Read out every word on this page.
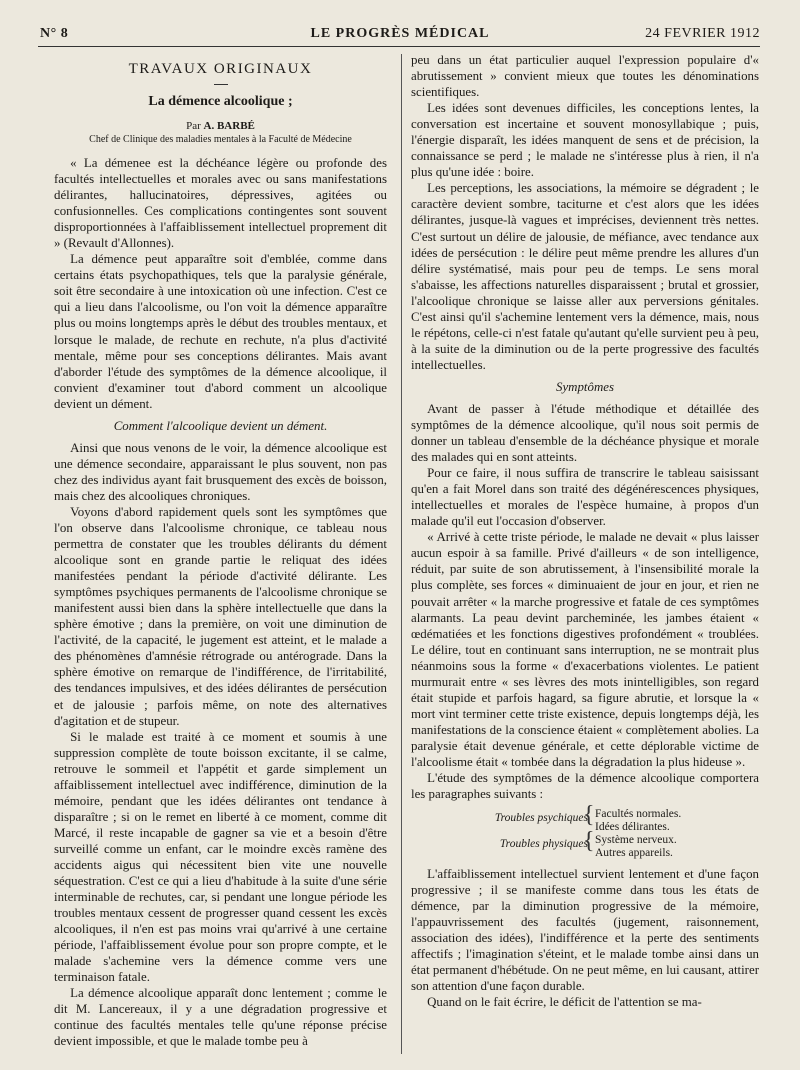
N° 8	LE PROGRÈS MÉDICAL	24 FEVRIER 1912
TRAVAUX ORIGINAUX
La démence alcoolique ;
Par A. BARBÉ
Chef de Clinique des maladies mentales à la Faculté de Médecine

« La démenee est la déchéance légère ou profonde des facultés intellectuelles et morales avec ou sans manifestations délirantes, hallucinatoires, dépressives, agitées ou confusionnelles. Ces complications contingentes sont souvent disproportionnées à l'affaiblissement intellectuel proprement dit » (Revault d'Allonnes).

La démence peut apparaître soit d'emblée, comme dans certains états psychopathiques, tels que la paralysie générale, soit être secondaire à une intoxication où une infection. C'est ce qui a lieu dans l'alcoolisme, ou l'on voit la démence apparaître plus ou moins longtemps après le début des troubles mentaux, et lorsque le malade, de rechute en rechute, n'a plus d'activité mentale, même pour ses conceptions délirantes. Mais avant d'aborder l'étude des symptômes de la démence alcoolique, il convient d'examiner tout d'abord comment un alcoolique devient un dément.

Comment l'alcoolique devient un dément.

Ainsi que nous venons de le voir, la démence alcoolique est une démence secondaire, apparaissant le plus souvent, non pas chez des individus ayant fait brusquement des excès de boisson, mais chez des alcooliques chroniques.

Voyons d'abord rapidement quels sont les symptômes que l'on observe dans l'alcoolisme chronique, ce tableau nous permettra de constater que les troubles délirants du dément alcoolique sont en grande partie le reliquat des idées manifestées pendant la période d'activité délirante. Les symptômes psychiques permanents de l'alcoolisme chronique se manifestent aussi bien dans la sphère intellectuelle que dans la sphère émotive ; dans la première, on voit une diminution de l'activité, de la capacité, le jugement est atteint, et le malade a des phénomènes d'amnésie rétrograde ou antérograde. Dans la sphère émotive on remarque de l'indifférence, de l'irritabilité, des tendances impulsives, et des idées délirantes de persécution et de jalousie ; parfois même, on note des alternatives d'agitation et de stupeur.

Si le malade est traité à ce moment et soumis à une suppression complète de toute boisson excitante, il se calme, retrouve le sommeil et l'appétit et garde simplement un affaiblissement intellectuel avec indifférence, diminution de la mémoire, pendant que les idées délirantes ont tendance à disparaître ; si on le remet en liberté à ce moment, comme dit Marcé, il reste incapable de gagner sa vie et a besoin d'être surveillé comme un enfant, car le moindre excès ramène des accidents aigus qui nécessitent bien vite une nouvelle séquestration. C'est ce qui a lieu d'habitude à la suite d'une série interminable de rechutes, car, si pendant une longue période les troubles mentaux cessent de progresser quand cessent les excès alcooliques, il n'en est pas moins vrai qu'arrivé à une certaine période, l'affaiblissement évolue pour son propre compte, et le malade s'achemine vers la démence comme vers une terminaison fatale.

La démence alcoolique apparaît donc lentement ; comme le dit M. Lancereaux, il y a une dégradation progressive et continue des facultés mentales telle qu'une réponse précise devient impossible, et que le malade tombe peu à

peu dans un état particulier auquel l'expression populaire d'« abrutissement » convient mieux que toutes les dénominations scientifiques.

Les idées sont devenues difficiles, les conceptions lentes, la conversation est incertaine et souvent monosyllabique ; puis, l'énergie disparaît, les idées manquent de sens et de précision, la connaissance se perd ; le malade ne s'intéresse plus à rien, il n'a plus qu'une idée : boire.

Les perceptions, les associations, la mémoire se dégradent ; le caractère devient sombre, taciturne et c'est alors que les idées délirantes, jusque-là vagues et imprécises, deviennent très nettes. C'est surtout un délire de jalousie, de méfiance, avec tendance aux idées de persécution : le délire peut même prendre les allures d'un délire systématisé, mais pour peu de temps. Le sens moral s'abaisse, les affections naturelles disparaissent ; brutal et grossier, l'alcoolique chronique se laisse aller aux perversions génitales. C'est ainsi qu'il s'achemine lentement vers la démence, mais, nous le répétons, celle-ci n'est fatale qu'autant qu'elle survient peu à peu, à la suite de la diminution ou de la perte progressive des facultés intellectuelles.

Symptômes

Avant de passer à l'étude méthodique et détaillée des symptômes de la démence alcoolique, qu'il nous soit permis de donner un tableau d'ensemble de la déchéance physique et morale des malades qui en sont atteints.

Pour ce faire, il nous suffira de transcrire le tableau saisissant qu'en a fait Morel dans son traité des dégénérescences physiques, intellectuelles et morales de l'espèce humaine, à propos d'un malade qu'il eut l'occasion d'observer.

« Arrivé à cette triste période, le malade ne devait « plus laisser aucun espoir à sa famille. Privé d'ailleurs « de son intelligence, réduit, par suite de son abrutissement, à l'insensibilité morale la plus complète, ses forces « diminuaient de jour en jour, et rien ne pouvait arrêter « la marche progressive et fatale de ces symptômes alarmants. La peau devint parcheminée, les jambes étaient « œdématiées et les fonctions digestives profondément « troublées. Le délire, tout en continuant sans interruption, ne se montrait plus néanmoins sous la forme « d'exacerbations violentes. Le patient murmurait entre « ses lèvres des mots inintelligibles, son regard était stupide et parfois hagard, sa figure abrutie, et lorsque la « mort vint terminer cette triste existence, depuis longtemps déjà, les manifestations de la conscience étaient « complètement abolies. La paralysie était devenue générale, et cette déplorable victime de l'alcoolisme était « tombée dans la dégradation la plus hideuse ».

L'étude des symptômes de la démence alcoolique comportera les paragraphes suivants :

Troubles psychiques
{ Facultés normales.
Idées délirantes.
Troubles physiques
{ Système nerveux.
Autres appareils.

L'affaiblissement intellectuel survient lentement et d'une façon progressive ; il se manifeste comme dans tous les états de démence, par la diminution progressive de la mémoire, l'appauvrissement des facultés (jugement, raisonnement, association des idées), l'indifférence et la perte des sentiments affectifs ; l'imagination s'éteint, et le malade tombe ainsi dans un état permanent d'hébétude. On ne peut même, en lui causant, attirer son attention d'une façon durable.

Quand on le fait écrire, le déficit de l'attention se ma-
